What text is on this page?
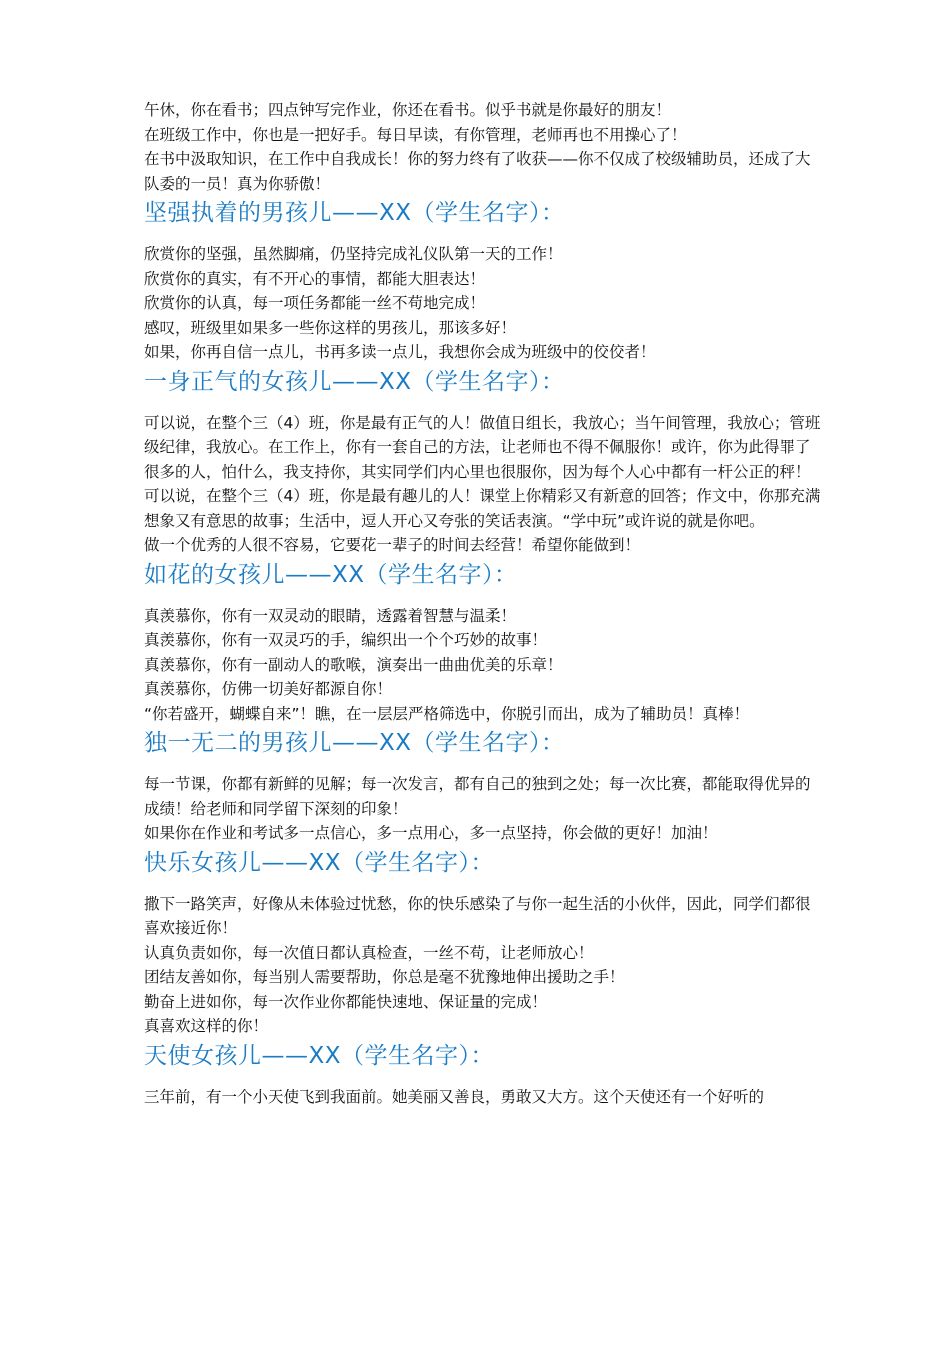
午休，你在看书；四点钟写完作业，你还在看书。似乎书就是你最好的朋友！

在班级工作中，你也是一把好手。每日早读，有你管理，老师再也不用操心了！

在书中汲取知识，在工作中自我成长！你的努力终有了收获——你不仅成了校级辅助员，还成了大队委的一员！真为你骄傲！

坚强执着的男孩儿——XX（学生名字）：

欣赏你的坚强，虽然脚痛，仍坚持完成礼仪队第一天的工作！

欣赏你的真实，有不开心的事情，都能大胆表达！

欣赏你的认真，每一项任务都能一丝不苟地完成！

感叹，班级里如果多一些你这样的男孩儿，那该多好！

如果，你再自信一点儿，书再多读一点儿，我想你会成为班级中的佼佼者！

一身正气的女孩儿——XX（学生名字）：

可以说，在整个三（4）班，你是最有正气的人！做值日组长，我放心；当午间管理，我放心；管班级纪律，我放心。在工作上，你有一套自己的方法，让老师也不得不佩服你！或许，你为此得罪了很多的人，怕什么，我支持你，其实同学们内心里也很服你，因为每个人心中都有一杆公正的秤！

可以说，在整个三（4）班，你是最有趣儿的人！课堂上你精彩又有新意的回答；作文中，你那充满想象又有意思的故事；生活中，逗人开心又夸张的笑话表演。“学中玩”或许说的就是你吧。

做一个优秀的人很不容易，它要花一辈子的时间去经营！希望你能做到！

如花的女孩儿——XX（学生名字）：

真羡慕你，你有一双灵动的眼睛，透露着智慧与温柔！

真羡慕你，你有一双灵巧的手，编织出一个个巧妙的故事！

真羡慕你，你有一副动人的歌喉，演奏出一曲曲优美的乐章！

真羡慕你，仿佛一切美好都源自你！

“你若盛开，蝴蝶自来”！瞧，在一层层严格筛选中，你脱引而出，成为了辅助员！真棒！

独一无二的男孩儿——XX（学生名字）：

每一节课，你都有新鲜的见解；每一次发言，都有自己的独到之处；每一次比赛，都能取得优异的成绩！给老师和同学留下深刻的印象！

如果你在作业和考试多一点信心，多一点用心，多一点坚持，你会做的更好！加油！

快乐女孩儿——XX（学生名字）：

撒下一路笑声，好像从未体验过忧愁，你的快乐感染了与你一起生活的小伙伴，因此，同学们都很喜欢接近你！

认真负责如你，每一次值日都认真检查，一丝不苟，让老师放心！

团结友善如你，每当别人需要帮助，你总是毫不犹豫地伸出援助之手！

勤奋上进如你，每一次作业你都能快速地、保证量的完成！

真喜欢这样的你！

天使女孩儿——XX（学生名字）：

三年前，有一个小天使飞到我面前。她美丽又善良，勇敢又大方。这个天使还有一个好听的
